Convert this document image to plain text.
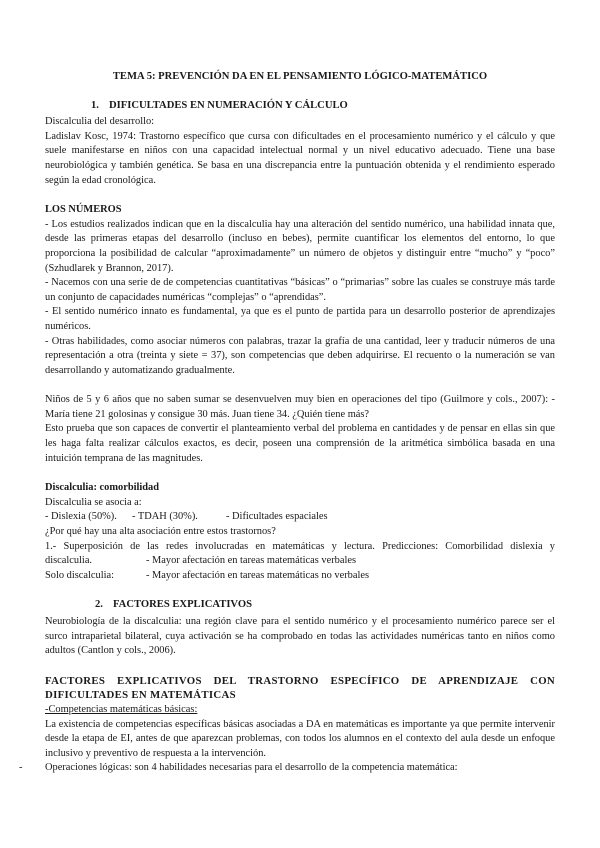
TEMA 5: PREVENCIÓN DA EN EL PENSAMIENTO LÓGICO-MATEMÁTICO

1. DIFICULTADES EN NUMERACIÓN Y CÁLCULO

Discalculia del desarrollo:

Ladislav Kosc, 1974: Trastorno específico que cursa con dificultades en el procesamiento numérico y el cálculo y que suele manifestarse en niños con una capacidad intelectual normal y un nivel educativo adecuado. Tiene una base neurobiológica y también genética. Se basa en una discrepancia entre la puntuación obtenida y el rendimiento esperado según la edad cronológica.

LOS NÚMEROS

- Los estudios realizados indican que en la discalculia hay una alteración del sentido numérico, una habilidad innata que, desde las primeras etapas del desarrollo (incluso en bebes), permite cuantificar los elementos del entorno, lo que proporciona la posibilidad de calcular “aproximadamente” un número de objetos y distinguir entre “mucho” y “poco” (Szhudlarek y Brannon, 2017).

- Nacemos con una serie de de competencias cuantitativas “básicas” o “primarias” sobre las cuales se construye más tarde un conjunto de capacidades numéricas “complejas” o “aprendidas”.

- El sentido numérico innato es fundamental, ya que es el punto de partida para un desarrollo posterior de aprendizajes numéricos.

- Otras habilidades, como asociar números con palabras, trazar la grafía de una cantidad, leer y traducir números de una representación a otra (treinta y siete = 37), son competencias que deben adquirirse. El recuento o la numeración se van desarrollando y automatizando gradualmente.

Niños de 5 y 6 años que no saben sumar se desenvuelven muy bien en operaciones del tipo (Guilmore y cols., 2007): - María tiene 21 golosinas y consigue 30 más. Juan tiene 34. ¿Quién tiene más?

Esto prueba que son capaces de convertir el planteamiento verbal del problema en cantidades y de pensar en ellas sin que les haga falta realizar cálculos exactos, es decir, poseen una comprensión de la aritmética simbólica basada en una intuición temprana de las magnitudes.

Discalculia: comorbilidad

Discalculia se asocia a:

- Dislexia (50%).	- TDAH (30%).	- Dificultades espaciales

¿Por qué hay una alta asociación entre estos trastornos?

1.- Superposición de las redes involucradas en matemáticas y lectura. Predicciones: Comorbilidad dislexia y

discalculia.	- Mayor afectación en tareas matemáticas verbales
Solo discalculia:	- Mayor afectación en tareas matemáticas no verbales

2. FACTORES EXPLICATIVOS

Neurobiología de la discalculia: una región clave para el sentido numérico y el procesamiento numérico parece ser el surco intraparietal bilateral, cuya activación se ha comprobado en todas las actividades numéricas tanto en niños como adultos (Cantlon y cols., 2006).

FACTORES EXPLICATIVOS DEL TRASTORNO ESPECÍFICO DE APRENDIZAJE CON DIFICULTADES EN MATEMÁTICAS

-Competencias matemáticas básicas:

La existencia de competencias específicas básicas asociadas a DA en matemáticas es importante ya que permite intervenir desde la etapa de EI, antes de que aparezcan problemas, con todos los alumnos en el contexto del aula desde un enfoque inclusivo y preventivo de respuesta a la intervención.

- Operaciones lógicas: son 4 habilidades necesarias para el desarrollo de la competencia matemática:
